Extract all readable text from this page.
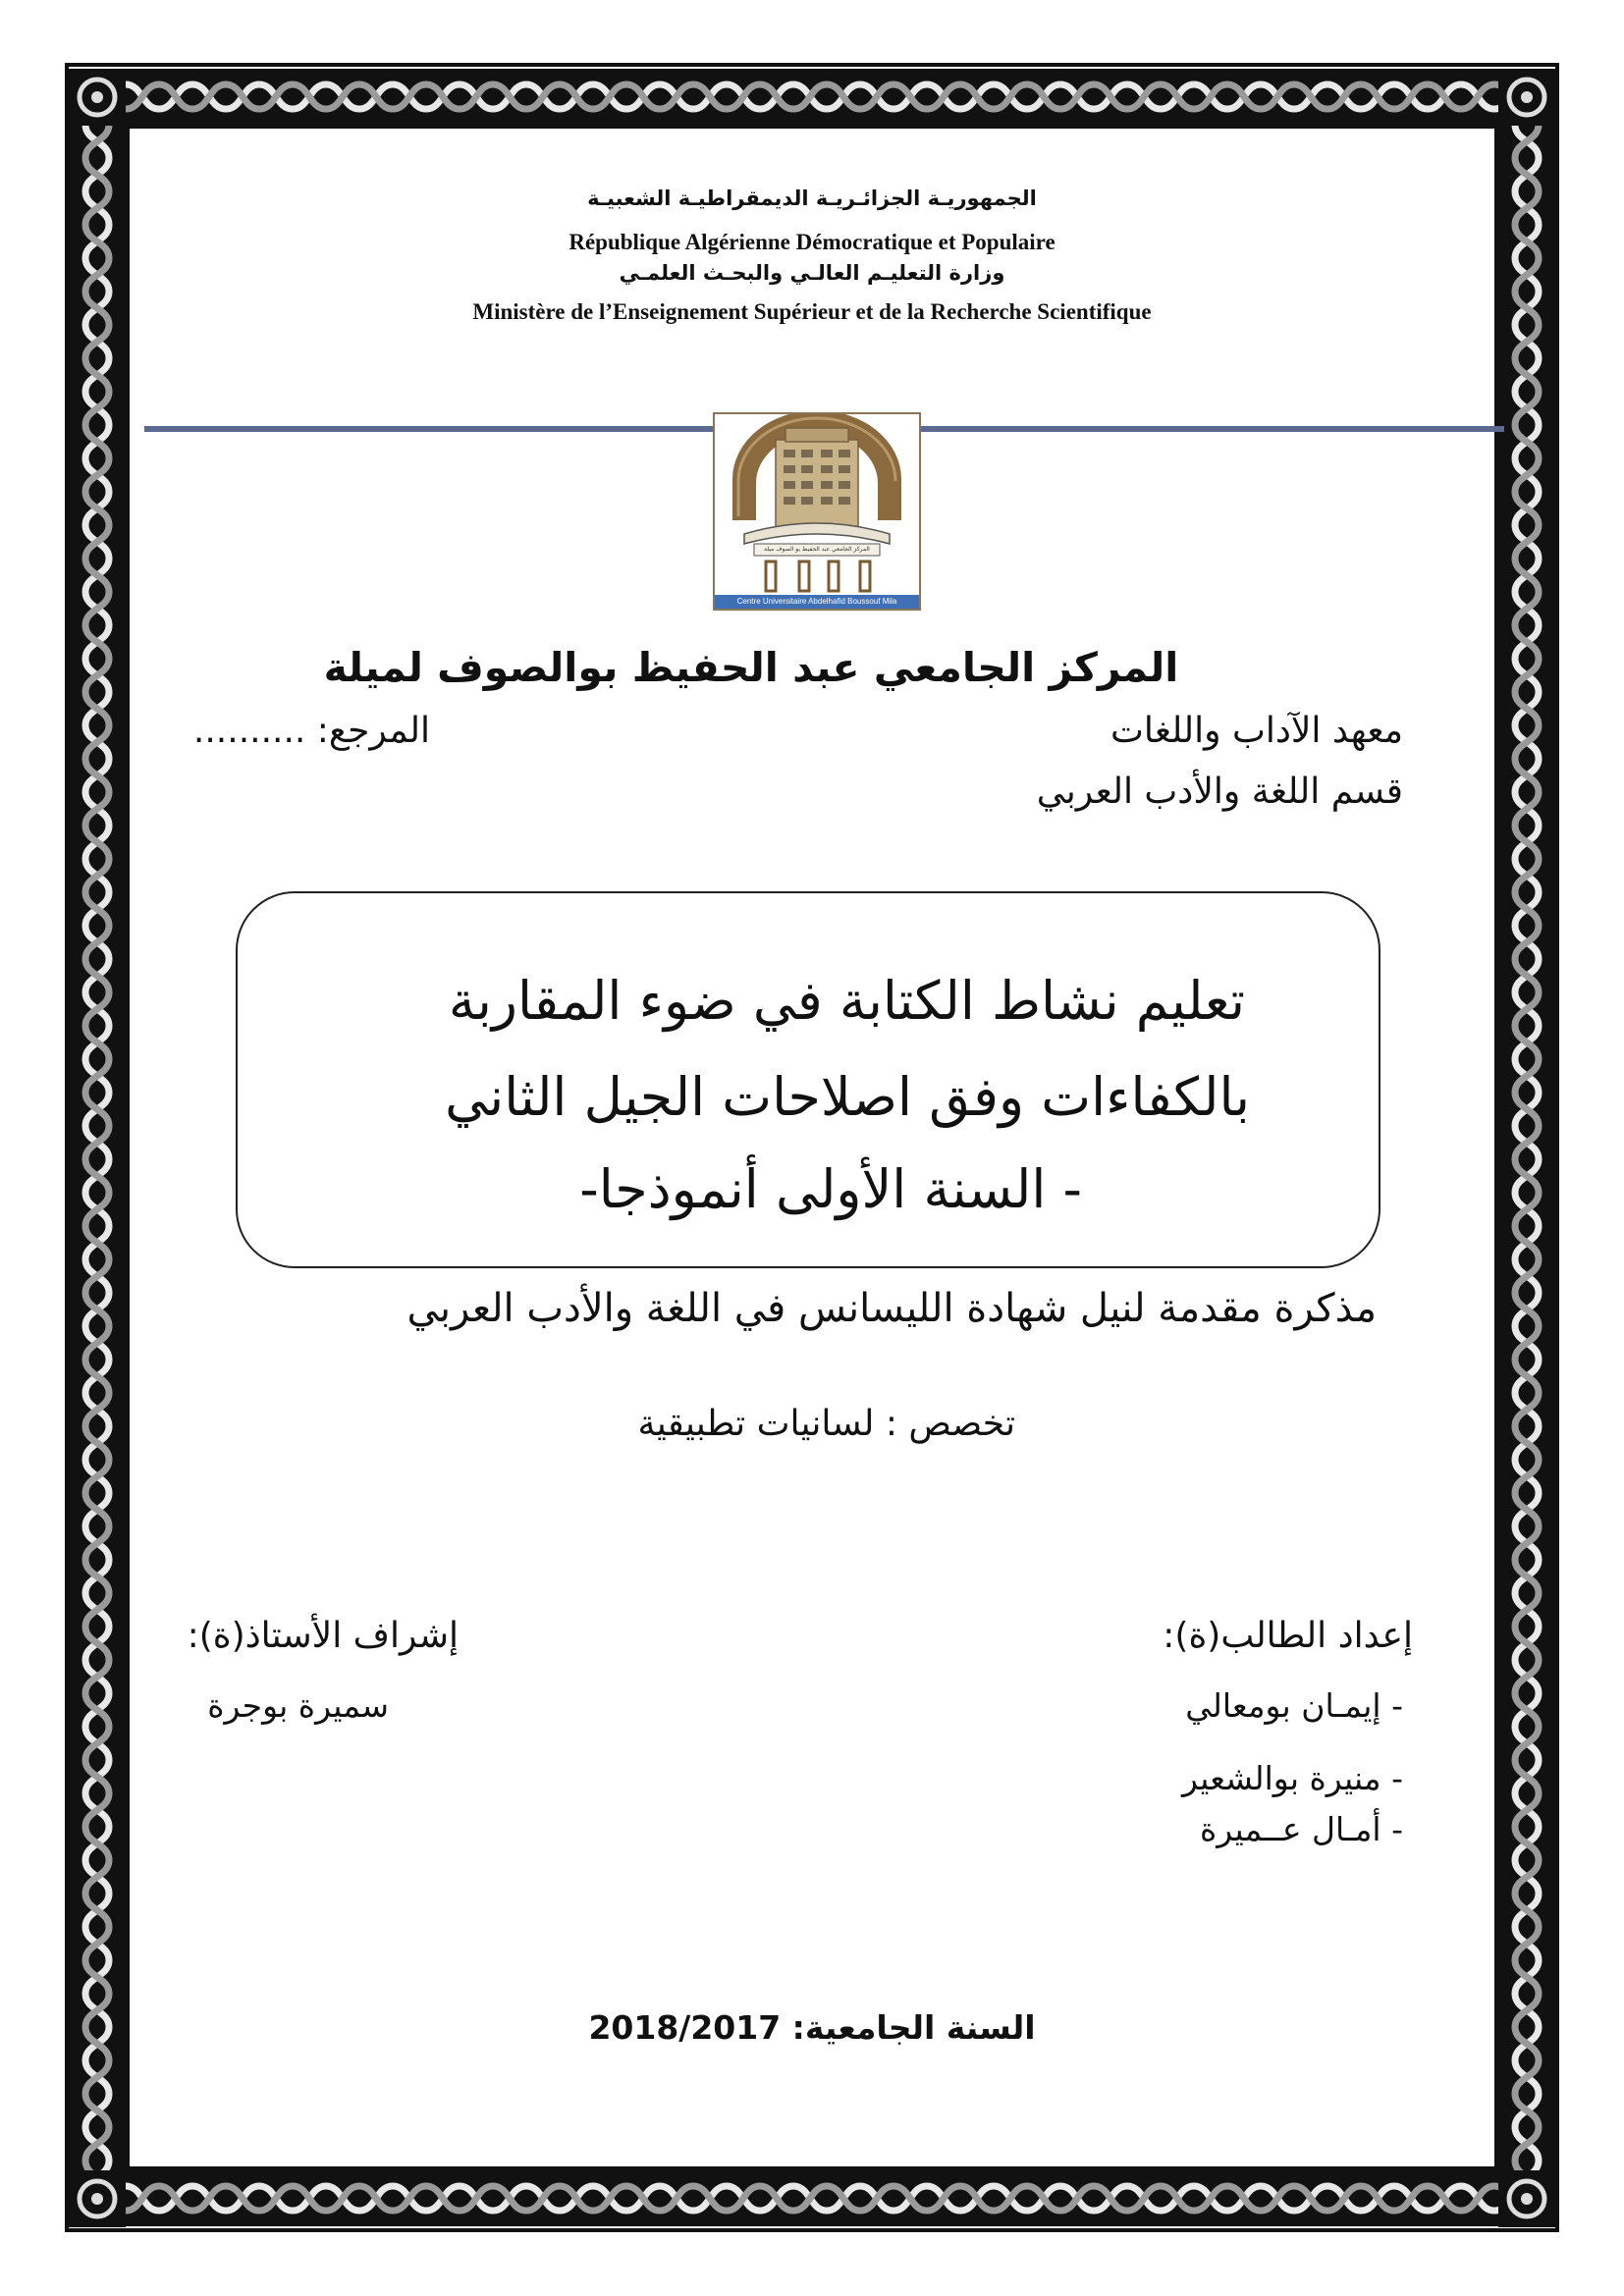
الجمهوريـة الجزائـريـة الديمقراطيـة الشعبيـة
République Algérienne Démocratique et Populaire
وزارة التعليـم العالـي والبحـث العلمـي
Ministère de l’Enseignement Supérieur et de la Recherche Scientifique
المركز الجامعي عبد الحفيظ بو الصوف ميلة
Centre Universitaire Abdelhafid Boussouf Mila
المركز الجامعي عبد الحفيظ بوالصوف لميلة
معهد الآداب واللغات
المرجع: ..........
قسم اللغة والأدب العربي
تعليم نشاط الكتابة في ضوء المقاربة
بالكفاءات وفق اصلاحات الجيل الثاني
- السنة الأولى أنموذجا-
مذكرة مقدمة لنيل شهادة الليسانس في اللغة والأدب العربي
تخصص : لسانيات تطبيقية
إعداد الطالب(ة):
إشراف الأستاذ(ة):
- إيمـان بومعالي
سميرة بوجرة
- منيرة بوالشعير
- أمـال عــميرة
السنة الجامعية: 2018/2017
